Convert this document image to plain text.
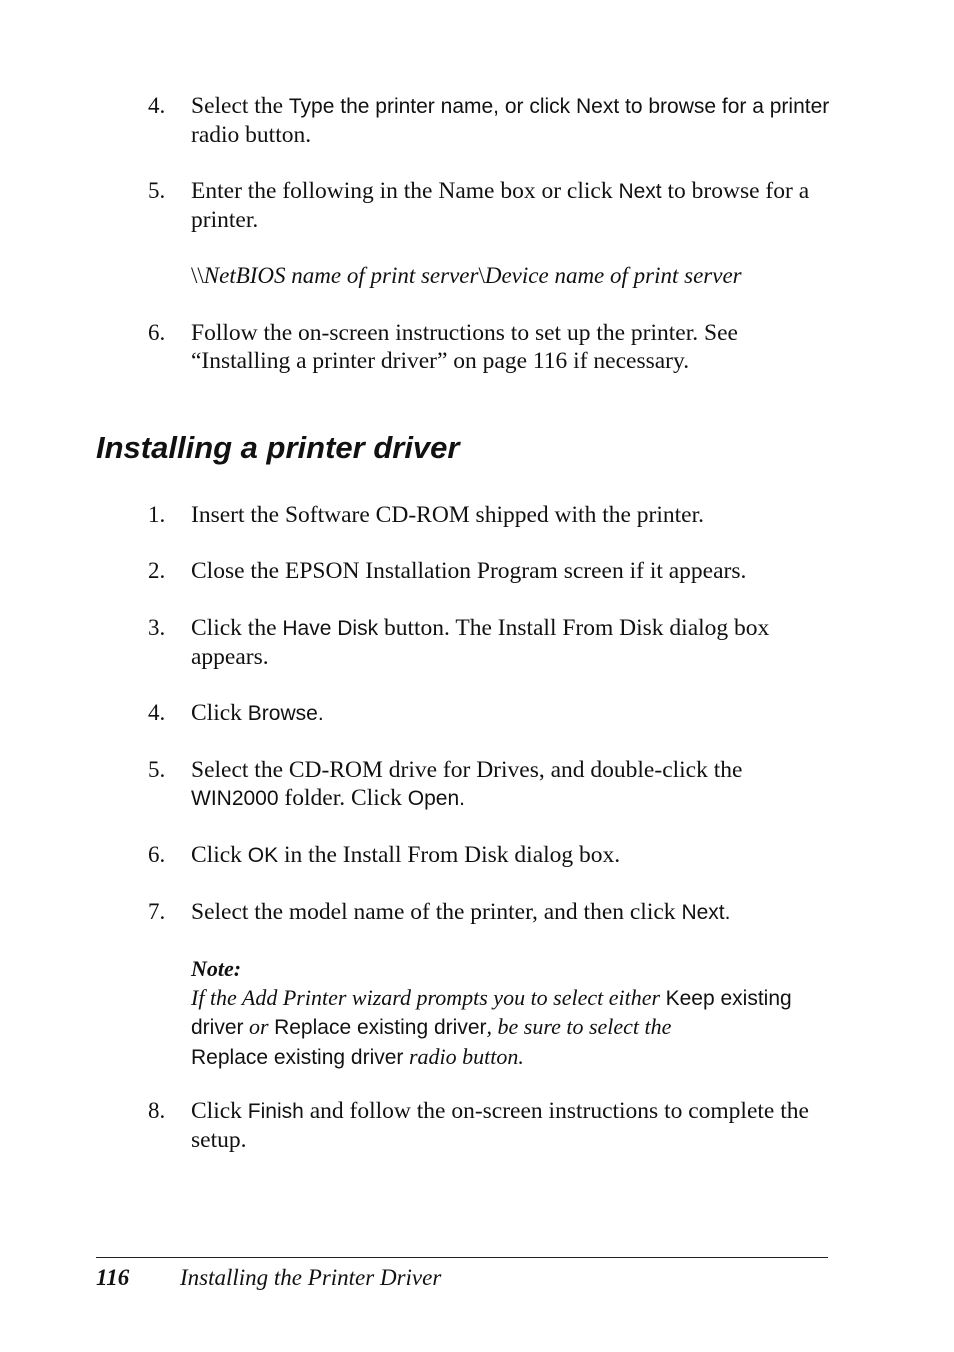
4.	Select the Type the printer name, or click Next to browse for a printer radio button.
5.	Enter the following in the Name box or click Next to browse for a printer.
\\NetBIOS name of print server\Device name of print server
6.	Follow the on-screen instructions to set up the printer. See “Installing a printer driver” on page 116 if necessary.
Installing a printer driver
1.	Insert the Software CD-ROM shipped with the printer.
2.	Close the EPSON Installation Program screen if it appears.
3.	Click the Have Disk button. The Install From Disk dialog box appears.
4.	Click Browse.
5.	Select the CD-ROM drive for Drives, and double-click the WIN2000 folder. Click Open.
6.	Click OK in the Install From Disk dialog box.
7.	Select the model name of the printer, and then click Next.
Note:
If the Add Printer wizard prompts you to select either Keep existing driver or Replace existing driver, be sure to select the
Replace existing driver radio button.
8.	Click Finish and follow the on-screen instructions to complete the setup.
116 Installing the Printer Driver
